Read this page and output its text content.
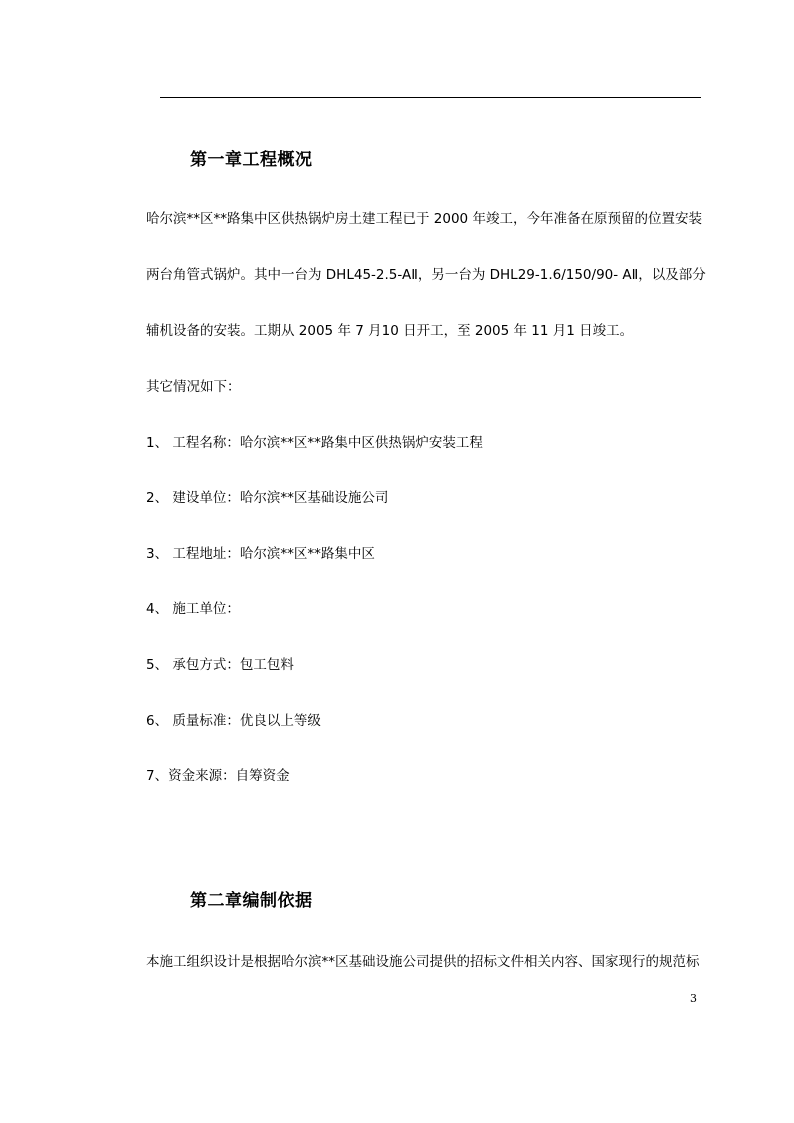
第一章工程概况
哈尔滨**区**路集中区供热锅炉房土建工程已于 2000 年竣工，今年准备在原预留的位置安装
两台角管式锅炉。其中一台为 DHL45-2.5-AⅡ，另一台为 DHL29-1.6/150/90- AⅡ，以及部分
辅机设备的安装。工期从 2005 年 7 月10 日开工，至 2005 年 11 月1 日竣工。
其它情况如下：
1、 工程名称：哈尔滨**区**路集中区供热锅炉安装工程
2、 建设单位：哈尔滨**区基础设施公司
3、 工程地址：哈尔滨**区**路集中区
4、 施工单位：
5、 承包方式：包工包料
6、 质量标准：优良以上等级
7、资金来源：自筹资金
第二章编制依据
本施工组织设计是根据哈尔滨**区基础设施公司提供的招标文件相关内容、国家现行的规范标
3
